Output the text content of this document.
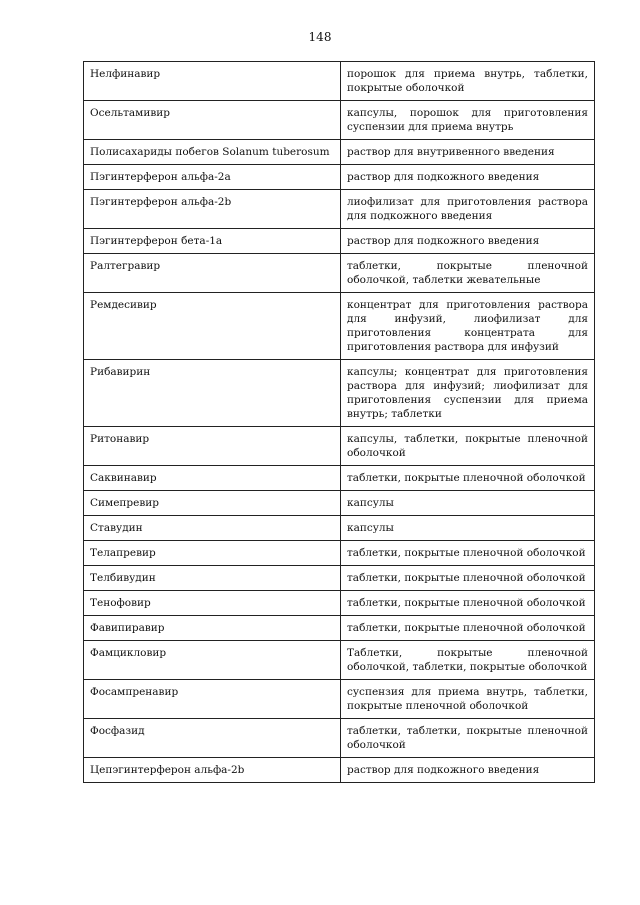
148
Нелфинавир	порошок для приема внутрь, таблетки, покрытые оболочкой
Осельтамивир	капсулы, порошок для приготовления суспензии для приема внутрь
Полисахариды побегов Solanum tuberosum	раствор для внутривенного введения
Пэгинтерферон альфа-2a	раствор для подкожного введения
Пэгинтерферон альфа-2b	лиофилизат для приготовления раствора для подкожного введения
Пэгинтерферон бета-1a	раствор для подкожного введения
Ралтегравир	таблетки, покрытые пленочной оболочкой, таблетки жевательные
Ремдесивир	концентрат для приготовления раствора для инфузий, лиофилизат для приготовления концентрата для приготовления раствора для инфузий
Рибавирин	капсулы; концентрат для приготовления раствора для инфузий; лиофилизат для приготовления суспензии для приема внутрь; таблетки
Ритонавир	капсулы, таблетки, покрытые пленочной оболочкой
Саквинавир	таблетки, покрытые пленочной оболочкой
Симепревир	капсулы
Ставудин	капсулы
Телапревир	таблетки, покрытые пленочной оболочкой
Телбивудин	таблетки, покрытые пленочной оболочкой
Тенофовир	таблетки, покрытые пленочной оболочкой
Фавипиравир	таблетки, покрытые пленочной оболочкой
Фамцикловир	Таблетки, покрытые пленочной оболочкой, таблетки, покрытые оболочкой
Фосампренавир	суспензия для приема внутрь, таблетки, покрытые пленочной оболочкой
Фосфазид	таблетки, таблетки, покрытые пленочной оболочкой
Цепэгинтерферон альфа-2b	раствор для подкожного введения
